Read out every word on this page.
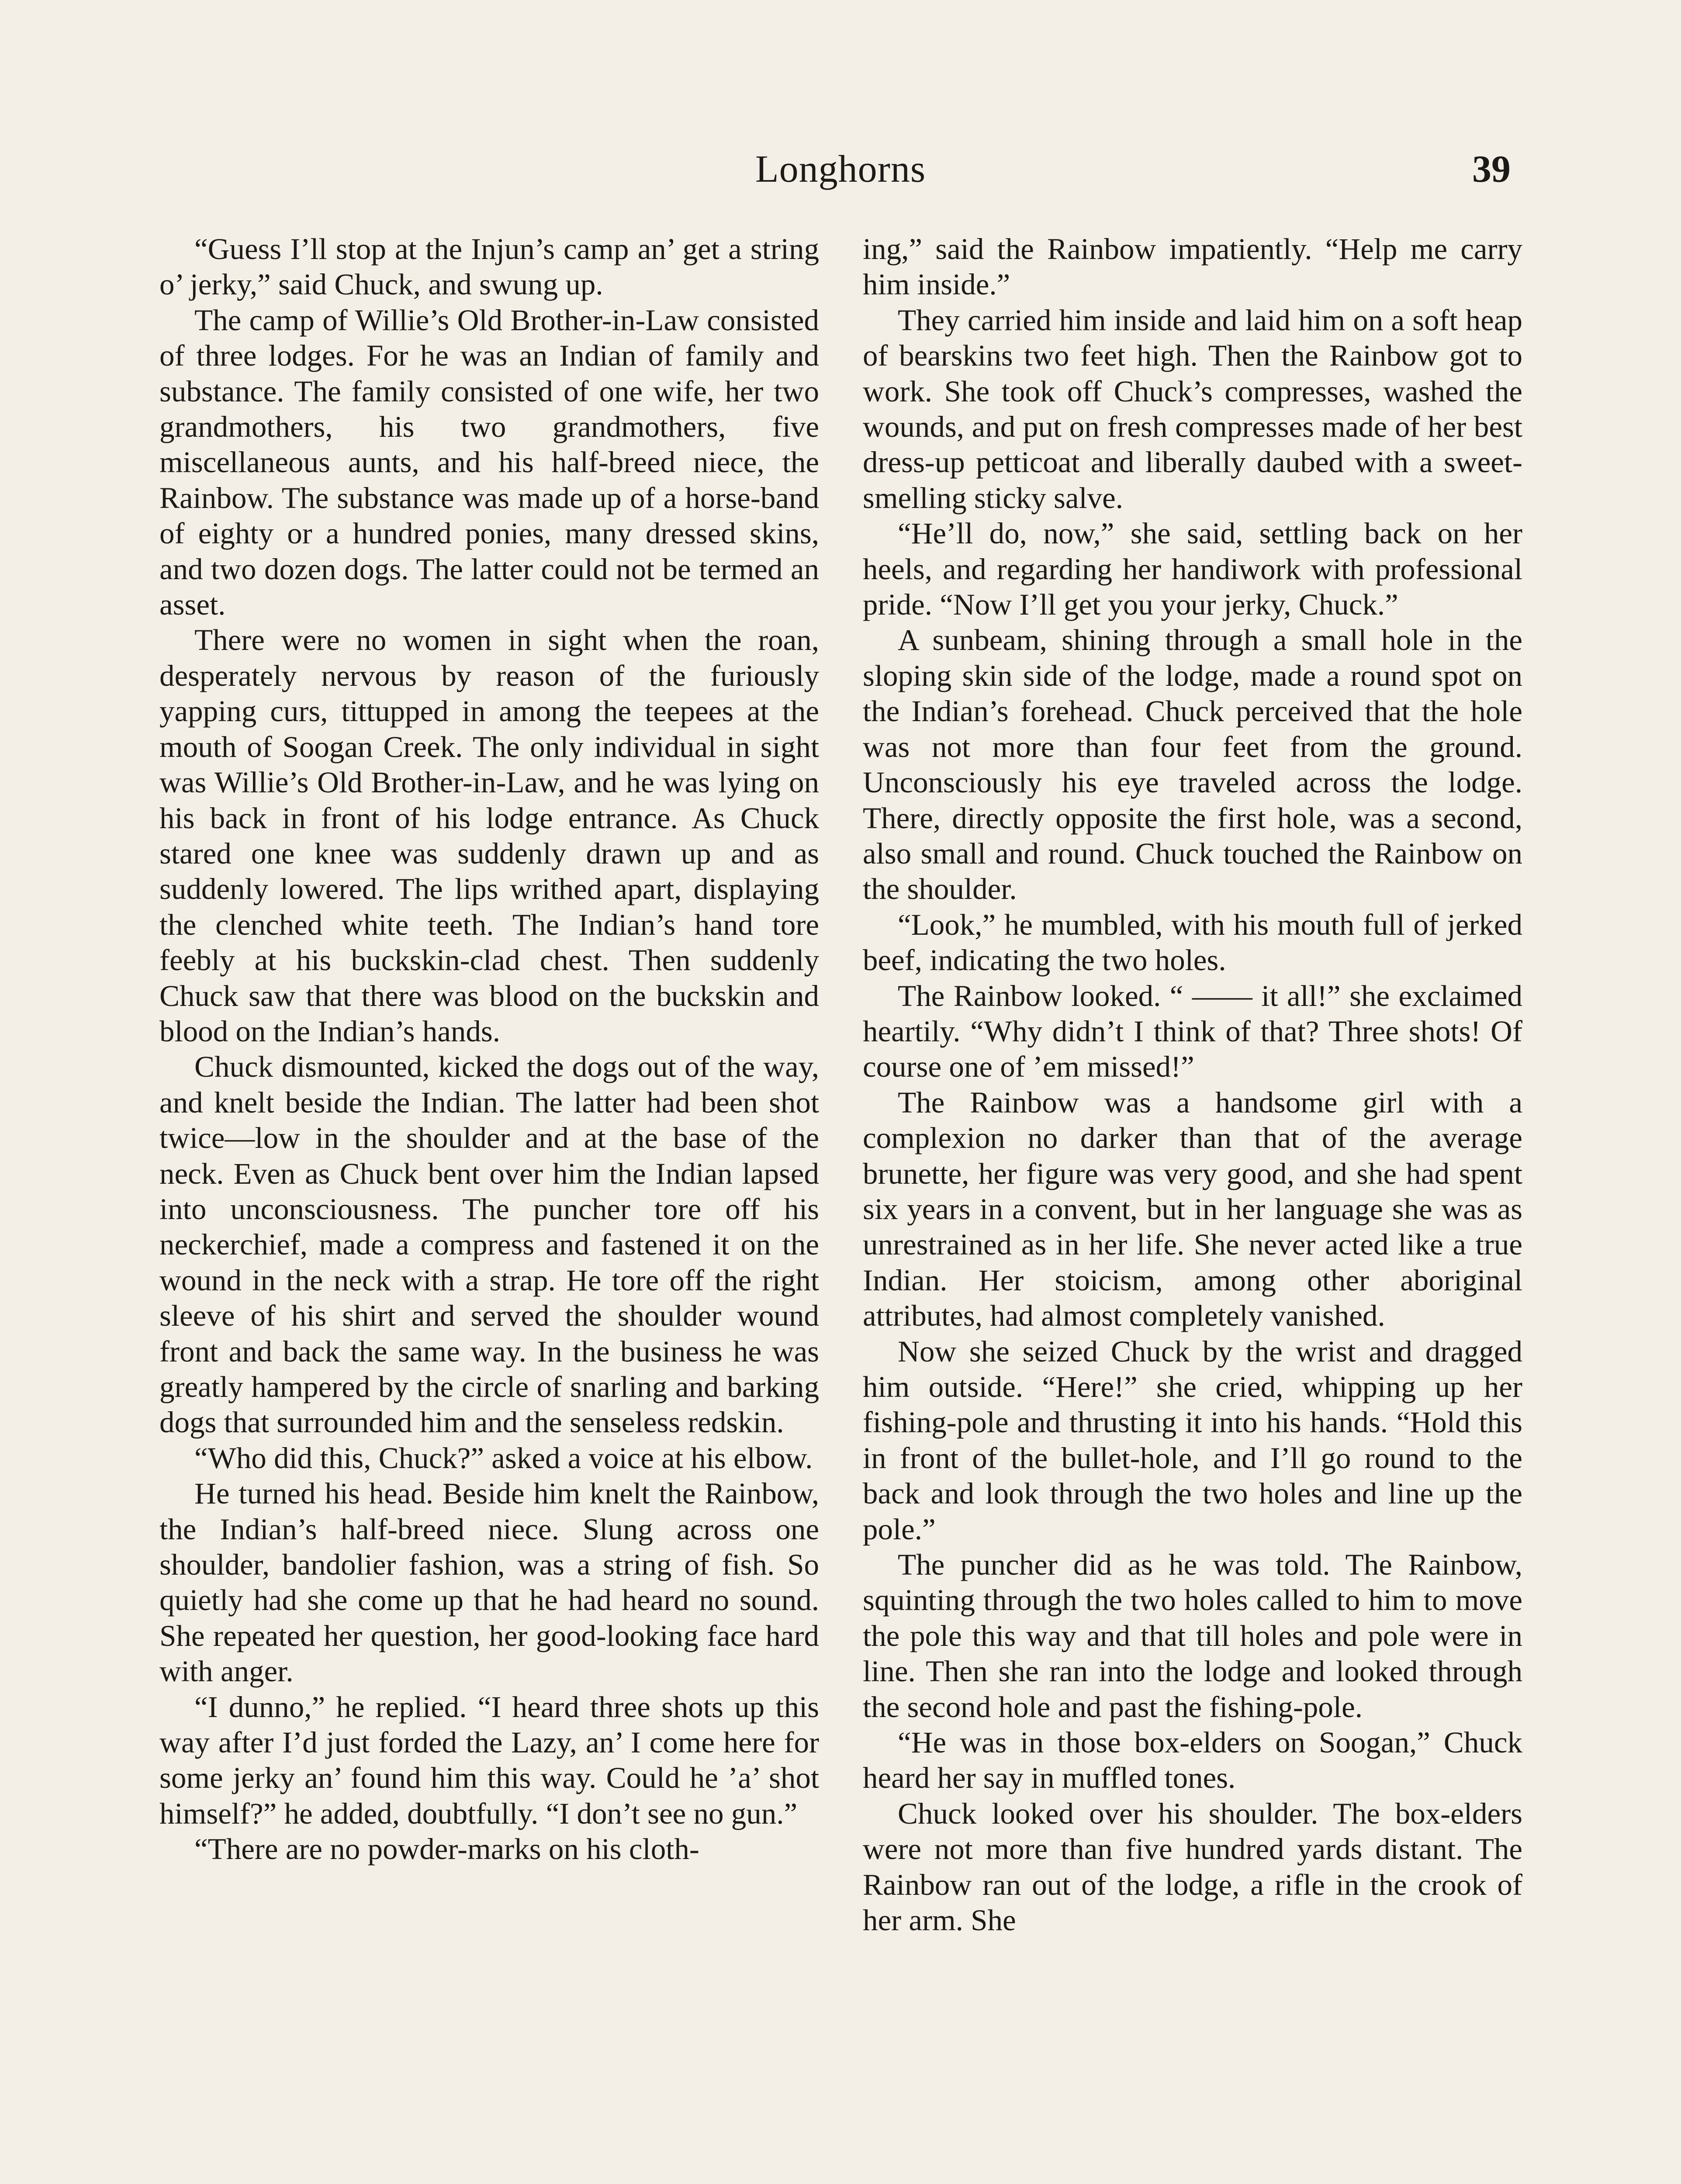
Longhorns	39

“Guess I’ll stop at the Injun’s camp an’ get a string o’ jerky,” said Chuck, and swung up.

The camp of Willie’s Old Brother-in-Law consisted of three lodges. For he was an Indian of family and substance. The family consisted of one wife, her two grandmothers, his two grandmothers, five miscellaneous aunts, and his half-breed niece, the Rainbow. The substance was made up of a horse-band of eighty or a hundred ponies, many dressed skins, and two dozen dogs. The latter could not be termed an asset.

There were no women in sight when the roan, desperately nervous by reason of the furiously yapping curs, tittupped in among the teepees at the mouth of Soogan Creek. The only individual in sight was Willie’s Old Brother-in-Law, and he was lying on his back in front of his lodge entrance. As Chuck stared one knee was suddenly drawn up and as suddenly lowered. The lips writhed apart, displaying the clenched white teeth. The Indian’s hand tore feebly at his buckskin-clad chest. Then suddenly Chuck saw that there was blood on the buckskin and blood on the Indian’s hands.

Chuck dismounted, kicked the dogs out of the way, and knelt beside the Indian. The latter had been shot twice—low in the shoulder and at the base of the neck. Even as Chuck bent over him the Indian lapsed into unconsciousness. The puncher tore off his neckerchief, made a compress and fastened it on the wound in the neck with a strap. He tore off the right sleeve of his shirt and served the shoulder wound front and back the same way. In the business he was greatly hampered by the circle of snarling and barking dogs that surrounded him and the senseless redskin.

“Who did this, Chuck?” asked a voice at his elbow.

He turned his head. Beside him knelt the Rainbow, the Indian’s half-breed niece. Slung across one shoulder, bandolier fashion, was a string of fish. So quietly had she come up that he had heard no sound. She repeated her question, her good-looking face hard with anger.

“I dunno,” he replied. “I heard three shots up this way after I’d just forded the Lazy, an’ I come here for some jerky an’ found him this way. Could he ’a’ shot himself?” he added, doubtfully. “I don’t see no gun.”

“There are no powder-marks on his cloth-

ing,” said the Rainbow impatiently. “Help me carry him inside.”

They carried him inside and laid him on a soft heap of bearskins two feet high. Then the Rainbow got to work. She took off Chuck’s compresses, washed the wounds, and put on fresh compresses made of her best dress-up petticoat and liberally daubed with a sweet-smelling sticky salve.

“He’ll do, now,” she said, settling back on her heels, and regarding her handiwork with professional pride. “Now I’ll get you your jerky, Chuck.”

A sunbeam, shining through a small hole in the sloping skin side of the lodge, made a round spot on the Indian’s forehead. Chuck perceived that the hole was not more than four feet from the ground. Unconsciously his eye traveled across the lodge. There, directly opposite the first hole, was a second, also small and round. Chuck touched the Rainbow on the shoulder.

“Look,” he mumbled, with his mouth full of jerked beef, indicating the two holes.

The Rainbow looked. “ —— it all!” she exclaimed heartily. “Why didn’t I think of that? Three shots! Of course one of ’em missed!”

The Rainbow was a handsome girl with a complexion no darker than that of the average brunette, her figure was very good, and she had spent six years in a convent, but in her language she was as unrestrained as in her life. She never acted like a true Indian. Her stoicism, among other aboriginal attributes, had almost completely vanished.

Now she seized Chuck by the wrist and dragged him outside. “Here!” she cried, whipping up her fishing-pole and thrusting it into his hands. “Hold this in front of the bullet-hole, and I’ll go round to the back and look through the two holes and line up the pole.”

The puncher did as he was told. The Rainbow, squinting through the two holes called to him to move the pole this way and that till holes and pole were in line. Then she ran into the lodge and looked through the second hole and past the fishing-pole.

“He was in those box-elders on Soogan,” Chuck heard her say in muffled tones.

Chuck looked over his shoulder. The box-elders were not more than five hundred yards distant. The Rainbow ran out of the lodge, a rifle in the crook of her arm. She
